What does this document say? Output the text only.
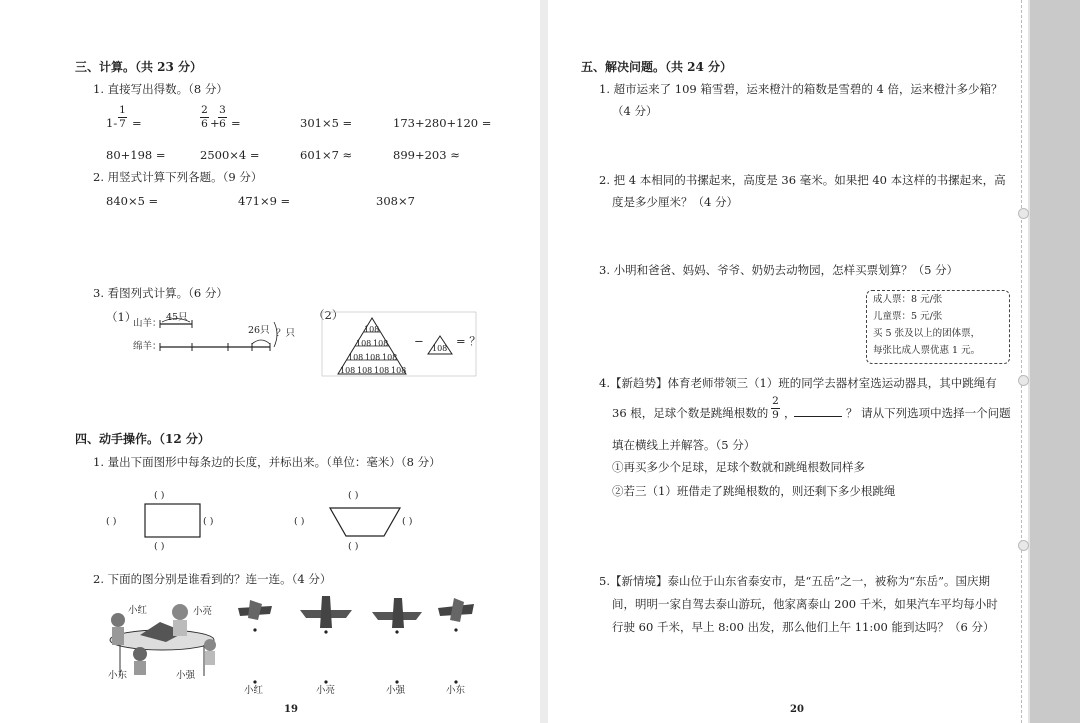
三、计算。（共 23 分）
1. 直接写出得数。（8 分）
1-
1
7 =
2
6 +
3
6 =	301×5 =	173+280+120 =
80+198 =	2500×4 =	601×7 ≈	899+203 ≈
2. 用竖式计算下列各题。（9 分）
840×5 =	471×9 =	308×7
3. 看图列式计算。（6 分）
（1）
山羊：
绵羊：
45只
26只 ？只
（2）
108
108 108
108 108 108
108 108 108 108
−
108
= ？
四、动手操作。（12 分）
1. 量出下面图形中每条边的长度，并标出来。（单位：毫米）（8 分）
( )
( )	( )
( )
( )
( )	( )
( )
2. 下面的图分别是谁看到的？连一连。（4 分）
小红	小亮
小东	小强
小红	小亮	小强	小东
19
五、解决问题。（共 24 分）
1. 超市运来了 109 箱雪碧，运来橙汁的箱数是雪碧的 4 倍，运来橙汁多少箱？
（4 分）
2. 把 4 本相同的书摞起来，高度是 36 毫米。如果把 40 本这样的书摞起来，高
度是多少厘米？（4 分）
3. 小明和爸爸、妈妈、爷爷、奶奶去动物园，怎样买票划算？（5 分）
4.【新趋势】体育老师带领三（1）班的同学去器材室选运动器具，其中跳绳有
36 根，足球个数是跳绳根数的
2
9 ，	？ 请从下列选项中选择一个问题
填在横线上并解答。（5 分）
①再买多少个足球，足球个数就和跳绳根数同样多
②若三（1）班借走了跳绳根数的，则还剩下多少根跳绳
5.【新情境】泰山位于山东省泰安市，是“五岳”之一，被称为“东岳”。国庆期
间，明明一家自驾去泰山游玩，他家离泰山 200 千米，如果汽车平均每小时
行驶 60 千米，早上 8:00 出发，那么他们上午 11:00 能到达吗？（6 分）
20
成人票：8 元/张
儿童票：5 元/张
买 5 张及以上的团体票，
每张比成人票优惠 1 元。
